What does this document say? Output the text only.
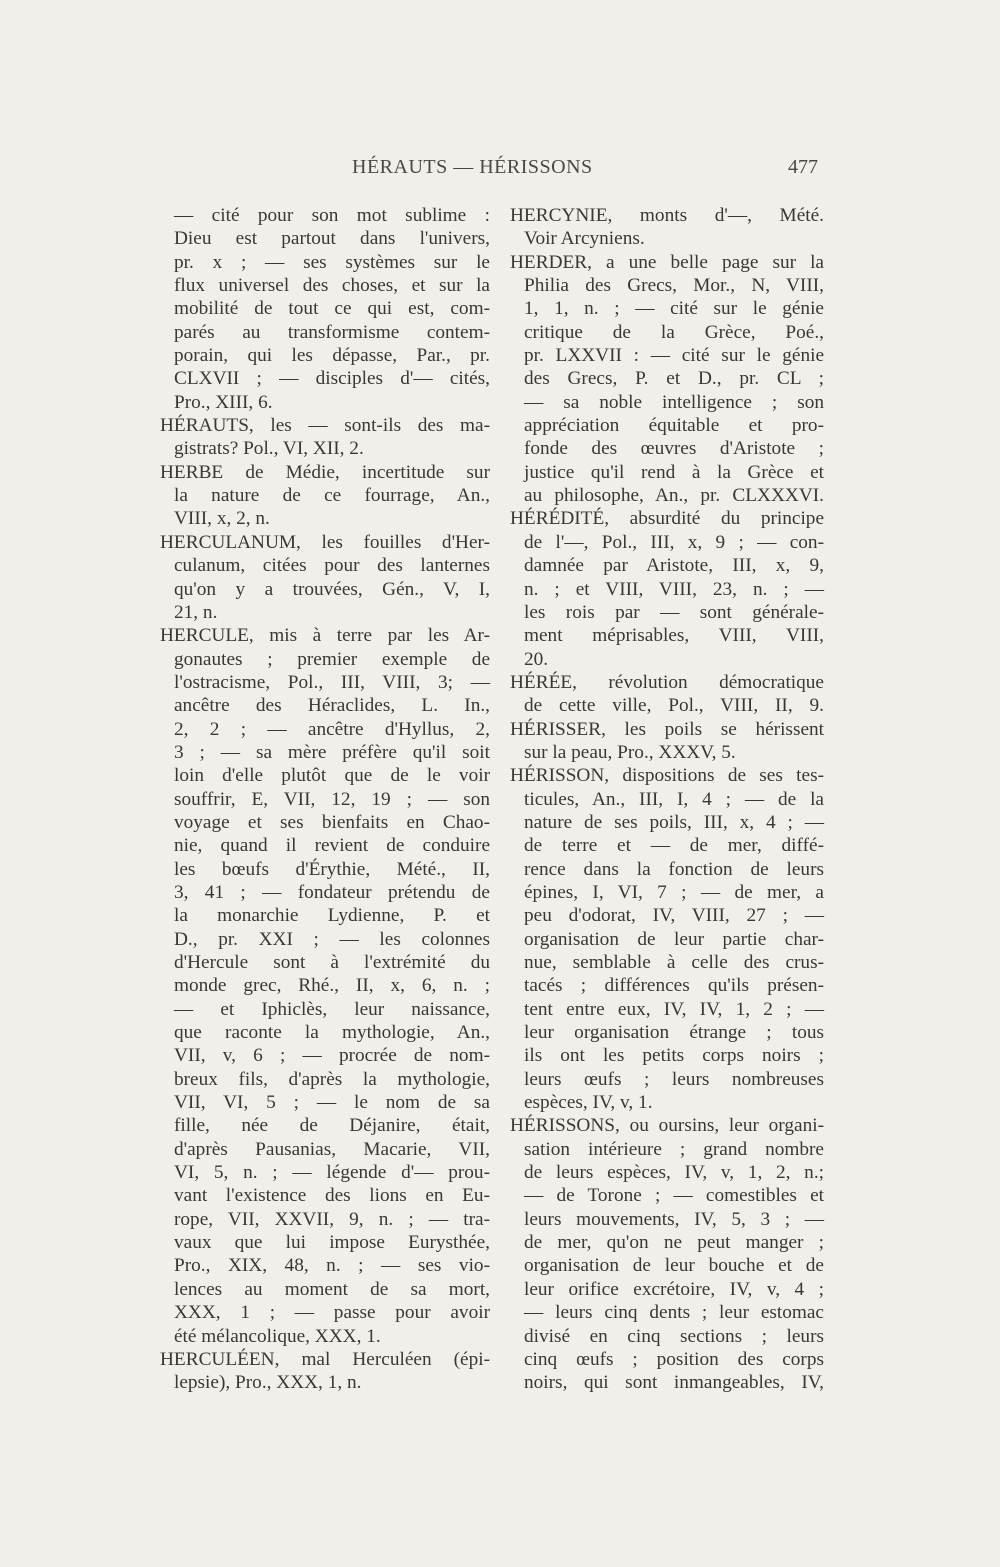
HÉRAUTS — HÉRISSONS	477
— cité pour son mot sublime :
Dieu est partout dans l'univers,
pr. x ; — ses systèmes sur le
flux universel des choses, et sur la
mobilité de tout ce qui est, com-
parés au transformisme contem-
porain, qui les dépasse, Par., pr.
CLXVII ; — disciples d'— cités,
Pro., XIII, 6.
HÉRAUTS, les — sont-ils des ma-
gistrats? Pol., VI, XII, 2.
HERBE de Médie, incertitude sur
la nature de ce fourrage, An.,
VIII, x, 2, n.
HERCULANUM, les fouilles d'Her-
culanum, citées pour des lanternes
qu'on y a trouvées, Gén., V, I,
21, n.
HERCULE, mis à terre par les Ar-
gonautes ; premier exemple de
l'ostracisme, Pol., III, VIII, 3; —
ancêtre des Héraclides, L. In.,
2, 2 ; — ancêtre d'Hyllus, 2,
3 ; — sa mère préfère qu'il soit
loin d'elle plutôt que de le voir
souffrir, E, VII, 12, 19 ; — son
voyage et ses bienfaits en Chao-
nie, quand il revient de conduire
les bœufs d'Érythie, Mété., II,
3, 41 ; — fondateur prétendu de
la monarchie Lydienne, P. et
D., pr. XXI ; — les colonnes
d'Hercule sont à l'extrémité du
monde grec, Rhé., II, x, 6, n. ;
— et Iphiclès, leur naissance,
que raconte la mythologie, An.,
VII, v, 6 ; — procrée de nom-
breux fils, d'après la mythologie,
VII, VI, 5 ; — le nom de sa
fille, née de Déjanire, était,
d'après Pausanias, Macarie, VII,
VI, 5, n. ; — légende d'— prou-
vant l'existence des lions en Eu-
rope, VII, XXVII, 9, n. ; — tra-
vaux que lui impose Eurysthée,
Pro., XIX, 48, n. ; — ses vio-
lences au moment de sa mort,
XXX, 1 ; — passe pour avoir
été mélancolique, XXX, 1.
HERCULÉEN, mal Herculéen (épi-
lepsie), Pro., XXX, 1, n.
HERCYNIE, monts d'—, Mété.
Voir Arcyniens.
HERDER, a une belle page sur la
Philia des Grecs, Mor., N, VIII,
1, 1, n. ; — cité sur le génie
critique de la Grèce, Poé.,
pr. LXXVII : — cité sur le génie
des Grecs, P. et D., pr. CL ;
— sa noble intelligence ; son
appréciation équitable et pro-
fonde des œuvres d'Aristote ;
justice qu'il rend à la Grèce et
au philosophe, An., pr. CLXXXVI.
HÉRÉDITÉ, absurdité du principe
de l'—, Pol., III, x, 9 ; — con-
damnée par Aristote, III, x, 9,
n. ; et VIII, VIII, 23, n. ; —
les rois par — sont générale-
ment méprisables, VIII, VIII,
20.
HÉRÉE, révolution démocratique
de cette ville, Pol., VIII, II, 9.
HÉRISSER, les poils se hérissent
sur la peau, Pro., XXXV, 5.
HÉRISSON, dispositions de ses tes-
ticules, An., III, I, 4 ; — de la
nature de ses poils, III, x, 4 ; —
de terre et — de mer, diffé-
rence dans la fonction de leurs
épines, I, VI, 7 ; — de mer, a
peu d'odorat, IV, VIII, 27 ; —
organisation de leur partie char-
nue, semblable à celle des crus-
tacés ; différences qu'ils présen-
tent entre eux, IV, IV, 1, 2 ; —
leur organisation étrange ; tous
ils ont les petits corps noirs ;
leurs œufs ; leurs nombreuses
espèces, IV, v, 1.
HÉRISSONS, ou oursins, leur organi-
sation intérieure ; grand nombre
de leurs espèces, IV, v, 1, 2, n.;
— de Torone ; — comestibles et
leurs mouvements, IV, 5, 3 ; —
de mer, qu'on ne peut manger ;
organisation de leur bouche et de
leur orifice excrétoire, IV, v, 4 ;
— leurs cinq dents ; leur estomac
divisé en cinq sections ; leurs
cinq œufs ; position des corps
noirs, qui sont inmangeables, IV,
